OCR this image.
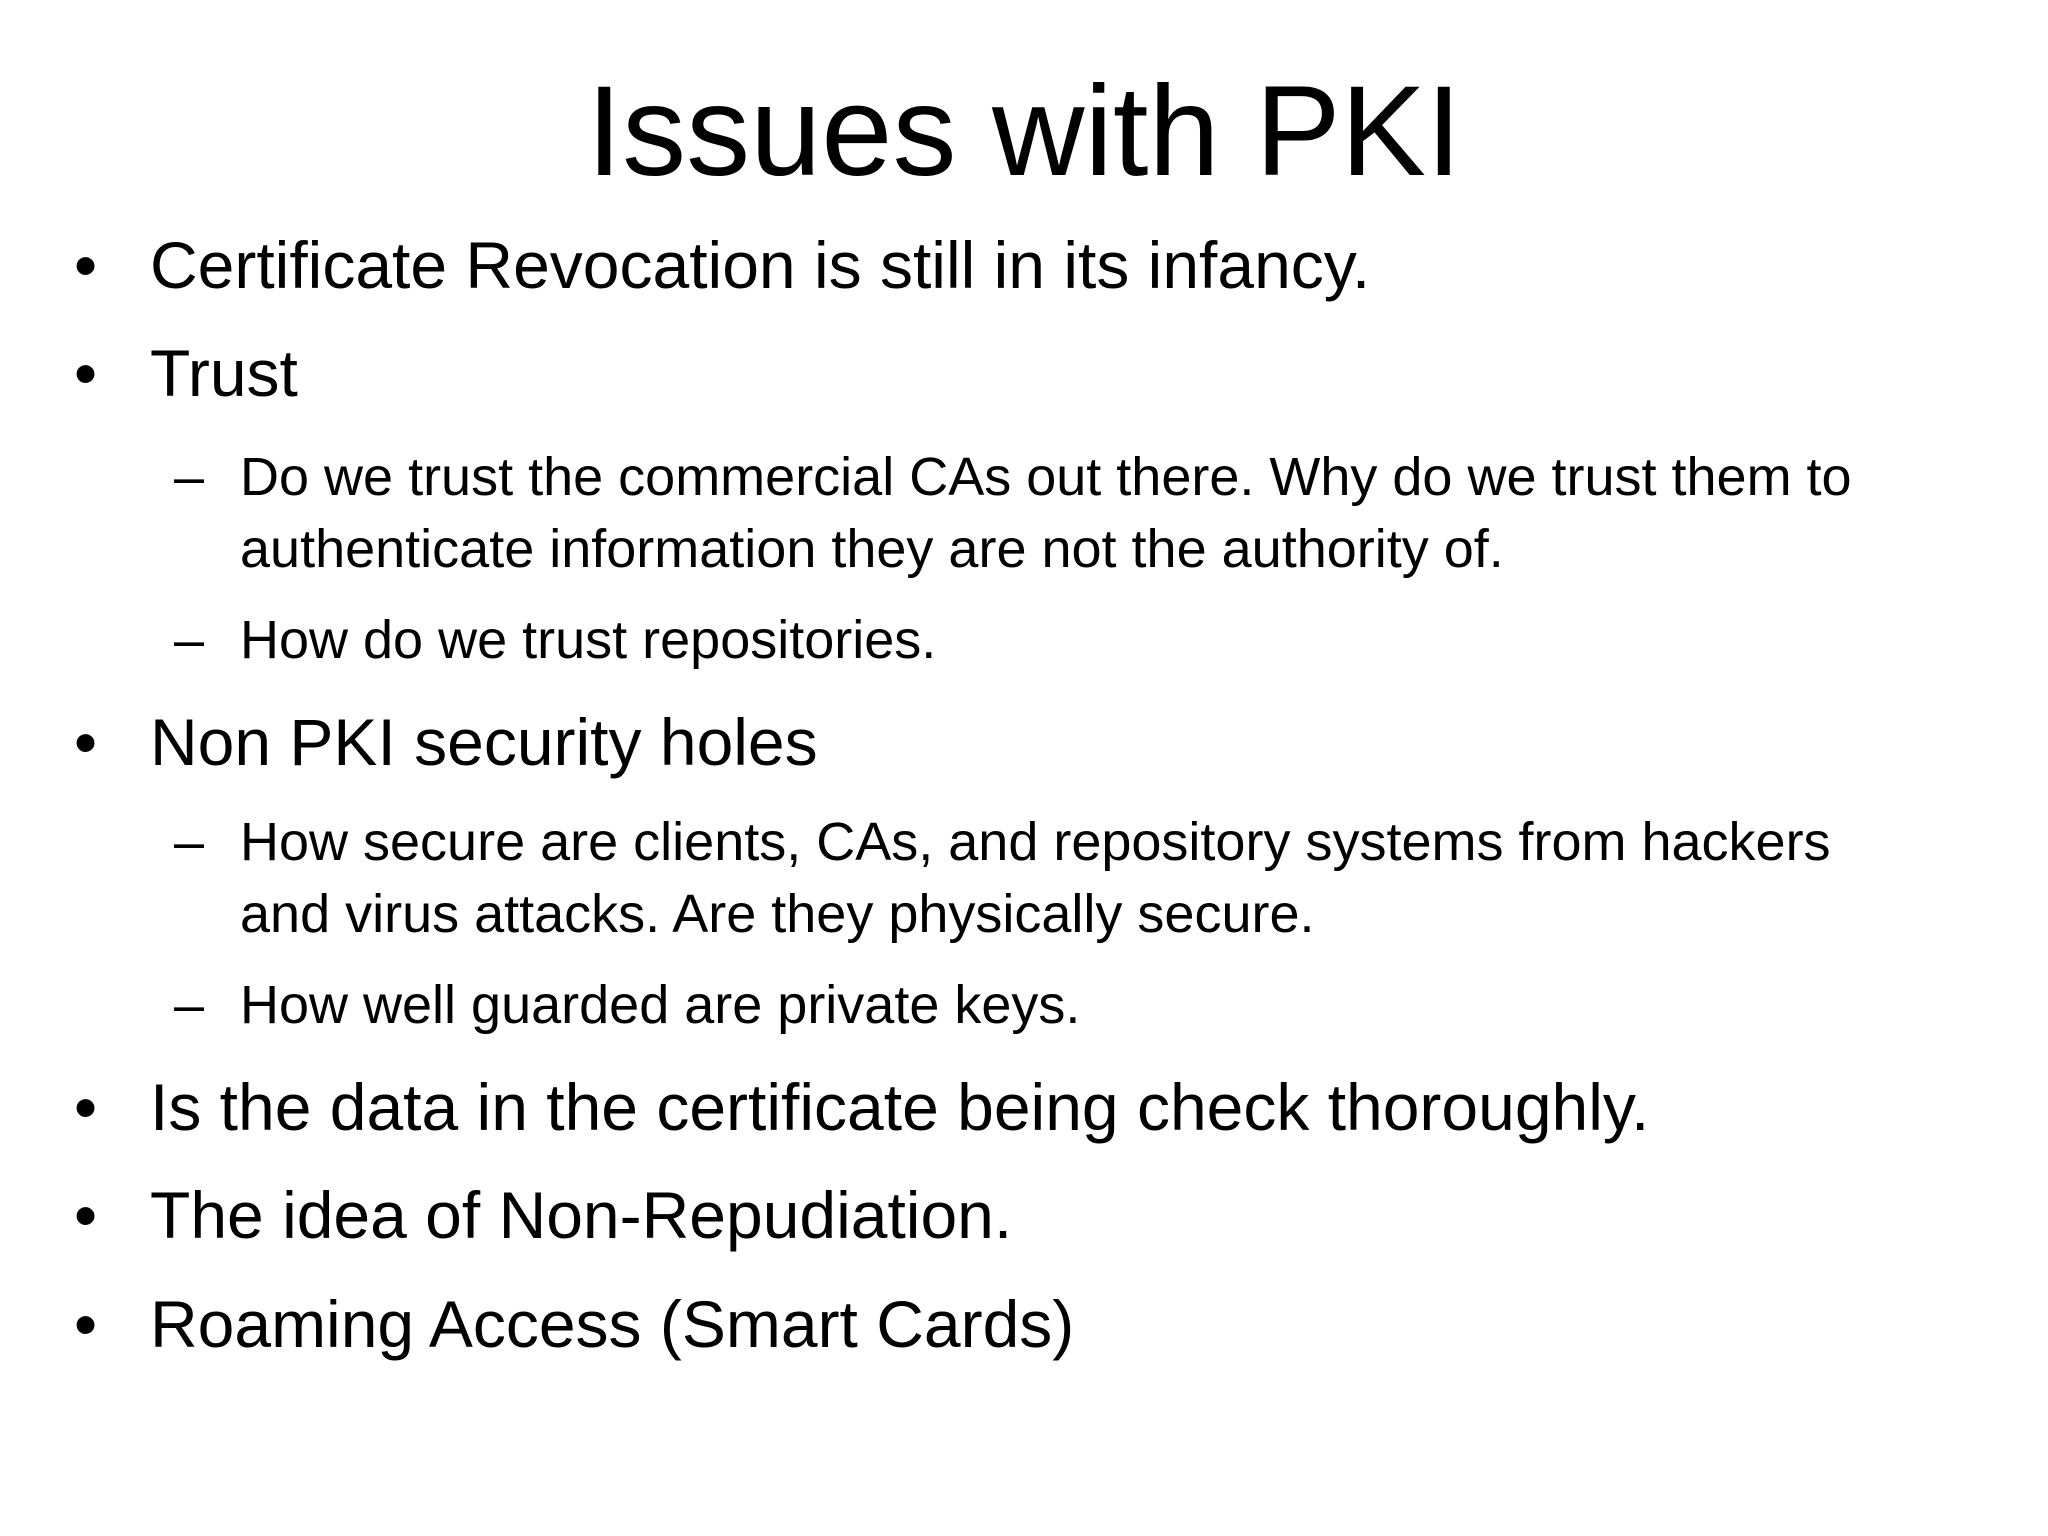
Issues with PKI
• Certificate Revocation is still in its infancy.
• Trust
– Do we trust the commercial CAs out there. Why do we trust them to
authenticate information they are not the authority of.
– How do we trust repositories.
• Non PKI security holes
– How secure are clients, CAs, and repository systems from hackers
and virus attacks. Are they physically secure.
– How well guarded are private keys.
• Is the data in the certificate being check thoroughly.
• The idea of Non-Repudiation.
• Roaming Access (Smart Cards)
